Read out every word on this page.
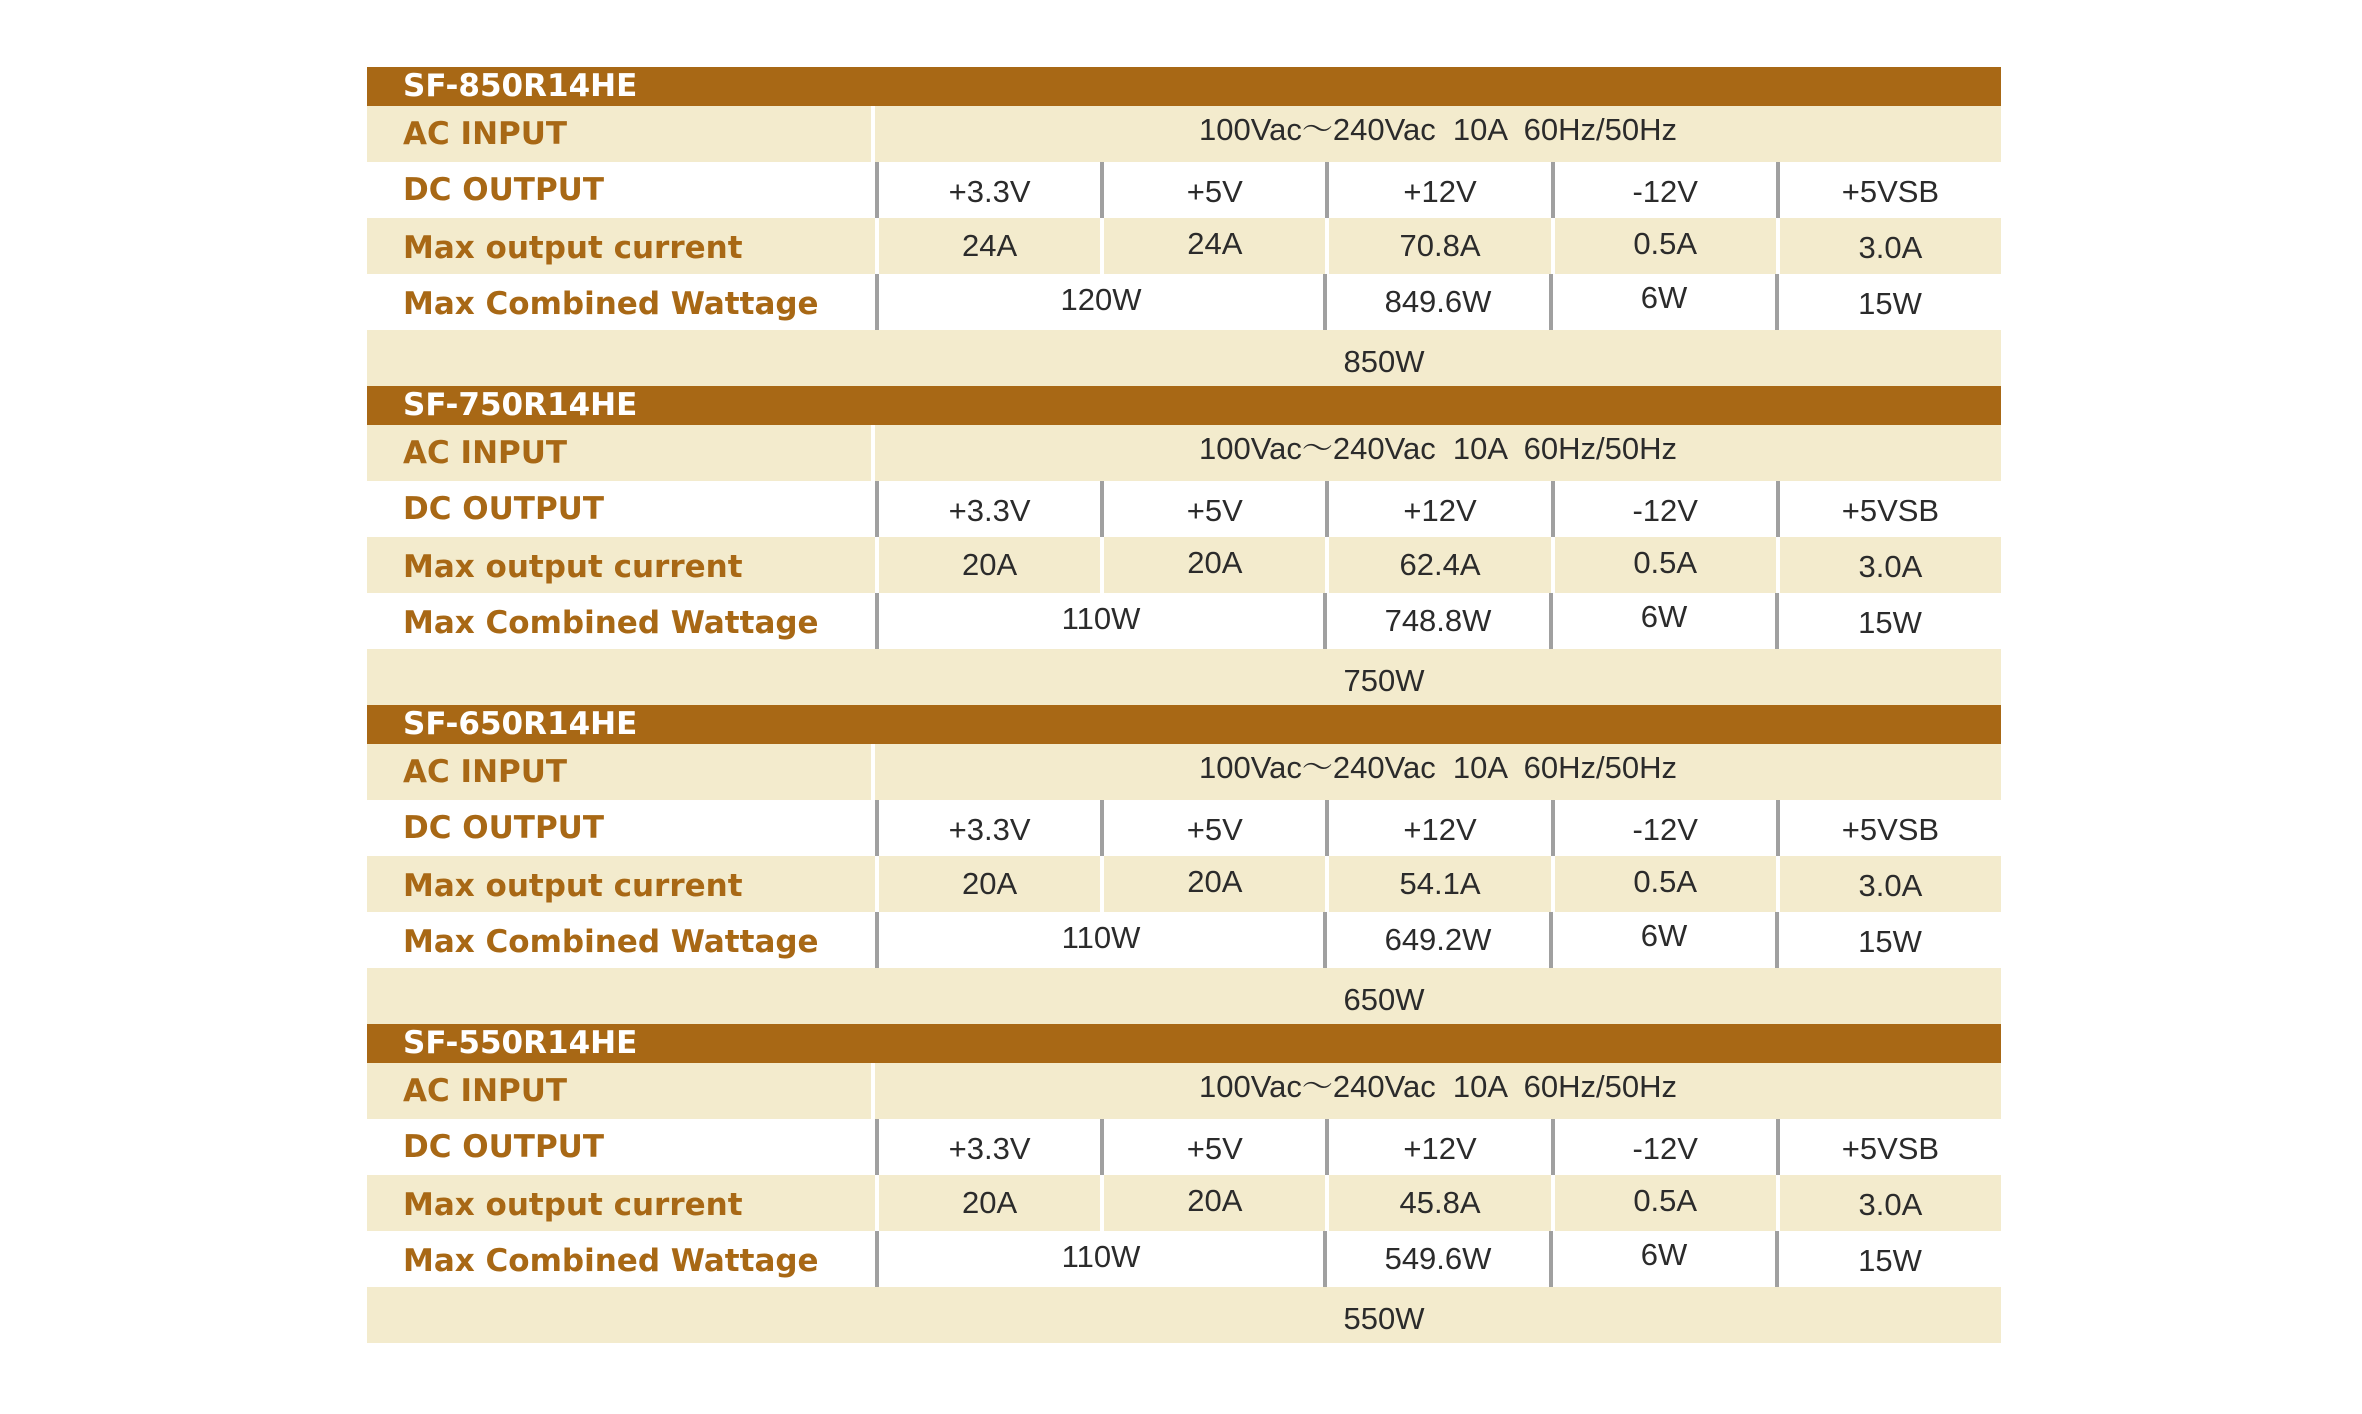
SF-850R14HE
AC INPUT	100Vac～240Vac  10A  60Hz/50Hz
DC OUTPUT	+3.3V	+5V	+12V	-12V	+5VSB
Max output current	24A	24A	70.8A	0.5A	3.0A
Max Combined Wattage	120W	849.6W	6W	15W
850W
SF-750R14HE
AC INPUT	100Vac～240Vac  10A  60Hz/50Hz
DC OUTPUT	+3.3V	+5V	+12V	-12V	+5VSB
Max output current	20A	20A	62.4A	0.5A	3.0A
Max Combined Wattage	110W	748.8W	6W	15W
750W
SF-650R14HE
AC INPUT	100Vac～240Vac  10A  60Hz/50Hz
DC OUTPUT	+3.3V	+5V	+12V	-12V	+5VSB
Max output current	20A	20A	54.1A	0.5A	3.0A
Max Combined Wattage	110W	649.2W	6W	15W
650W
SF-550R14HE
AC INPUT	100Vac～240Vac  10A  60Hz/50Hz
DC OUTPUT	+3.3V	+5V	+12V	-12V	+5VSB
Max output current	20A	20A	45.8A	0.5A	3.0A
Max Combined Wattage	110W	549.6W	6W	15W
550W
